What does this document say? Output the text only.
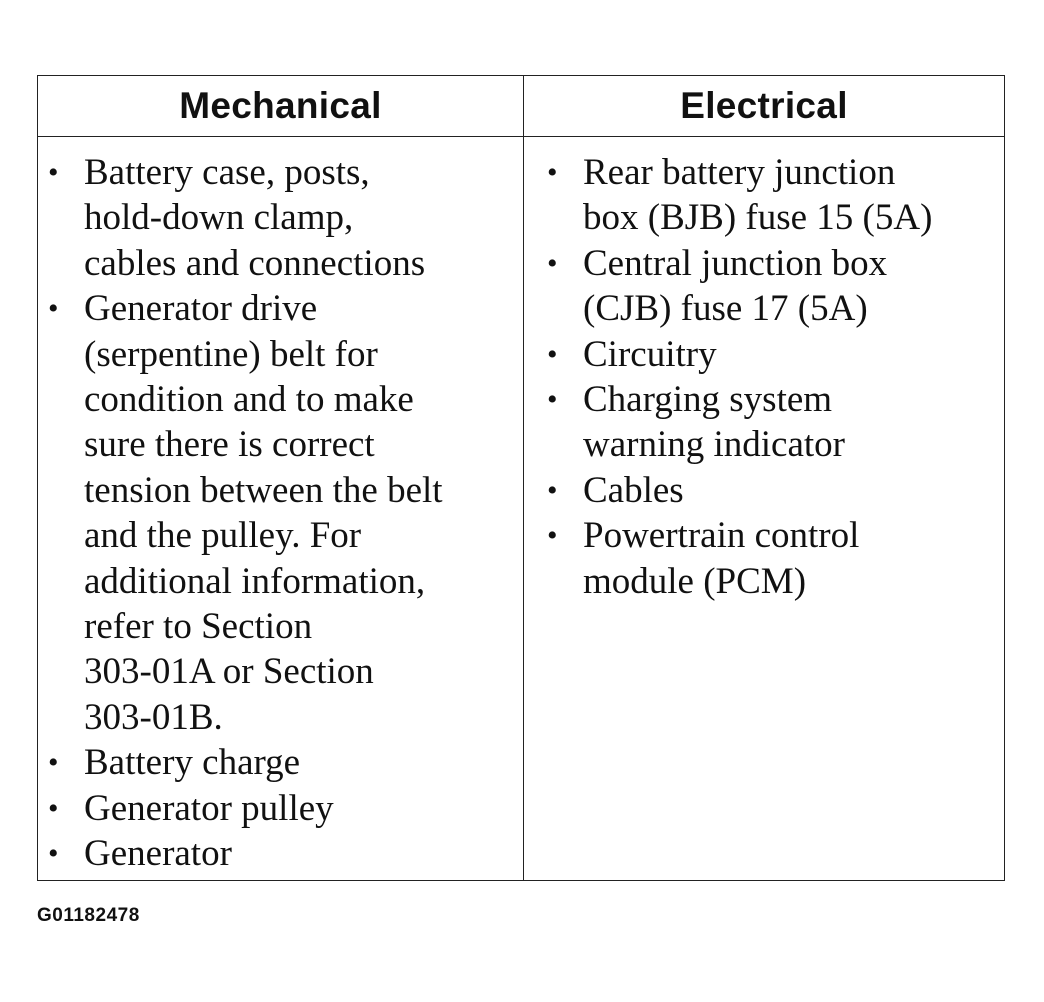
Mechanical	Electrical
• Battery case, posts,
hold-down clamp,
cables and connections
• Generator drive
(serpentine) belt for
condition and to make
sure there is correct
tension between the belt
and the pulley. For
additional information,
refer to Section
303-01A or Section
303-01B.
• Battery charge
• Generator pulley
• Generator
• Rear battery junction
box (BJB) fuse 15 (5A)
• Central junction box
(CJB) fuse 17 (5A)
• Circuitry
• Charging system
warning indicator
• Cables
• Powertrain control
module (PCM)
G01182478
